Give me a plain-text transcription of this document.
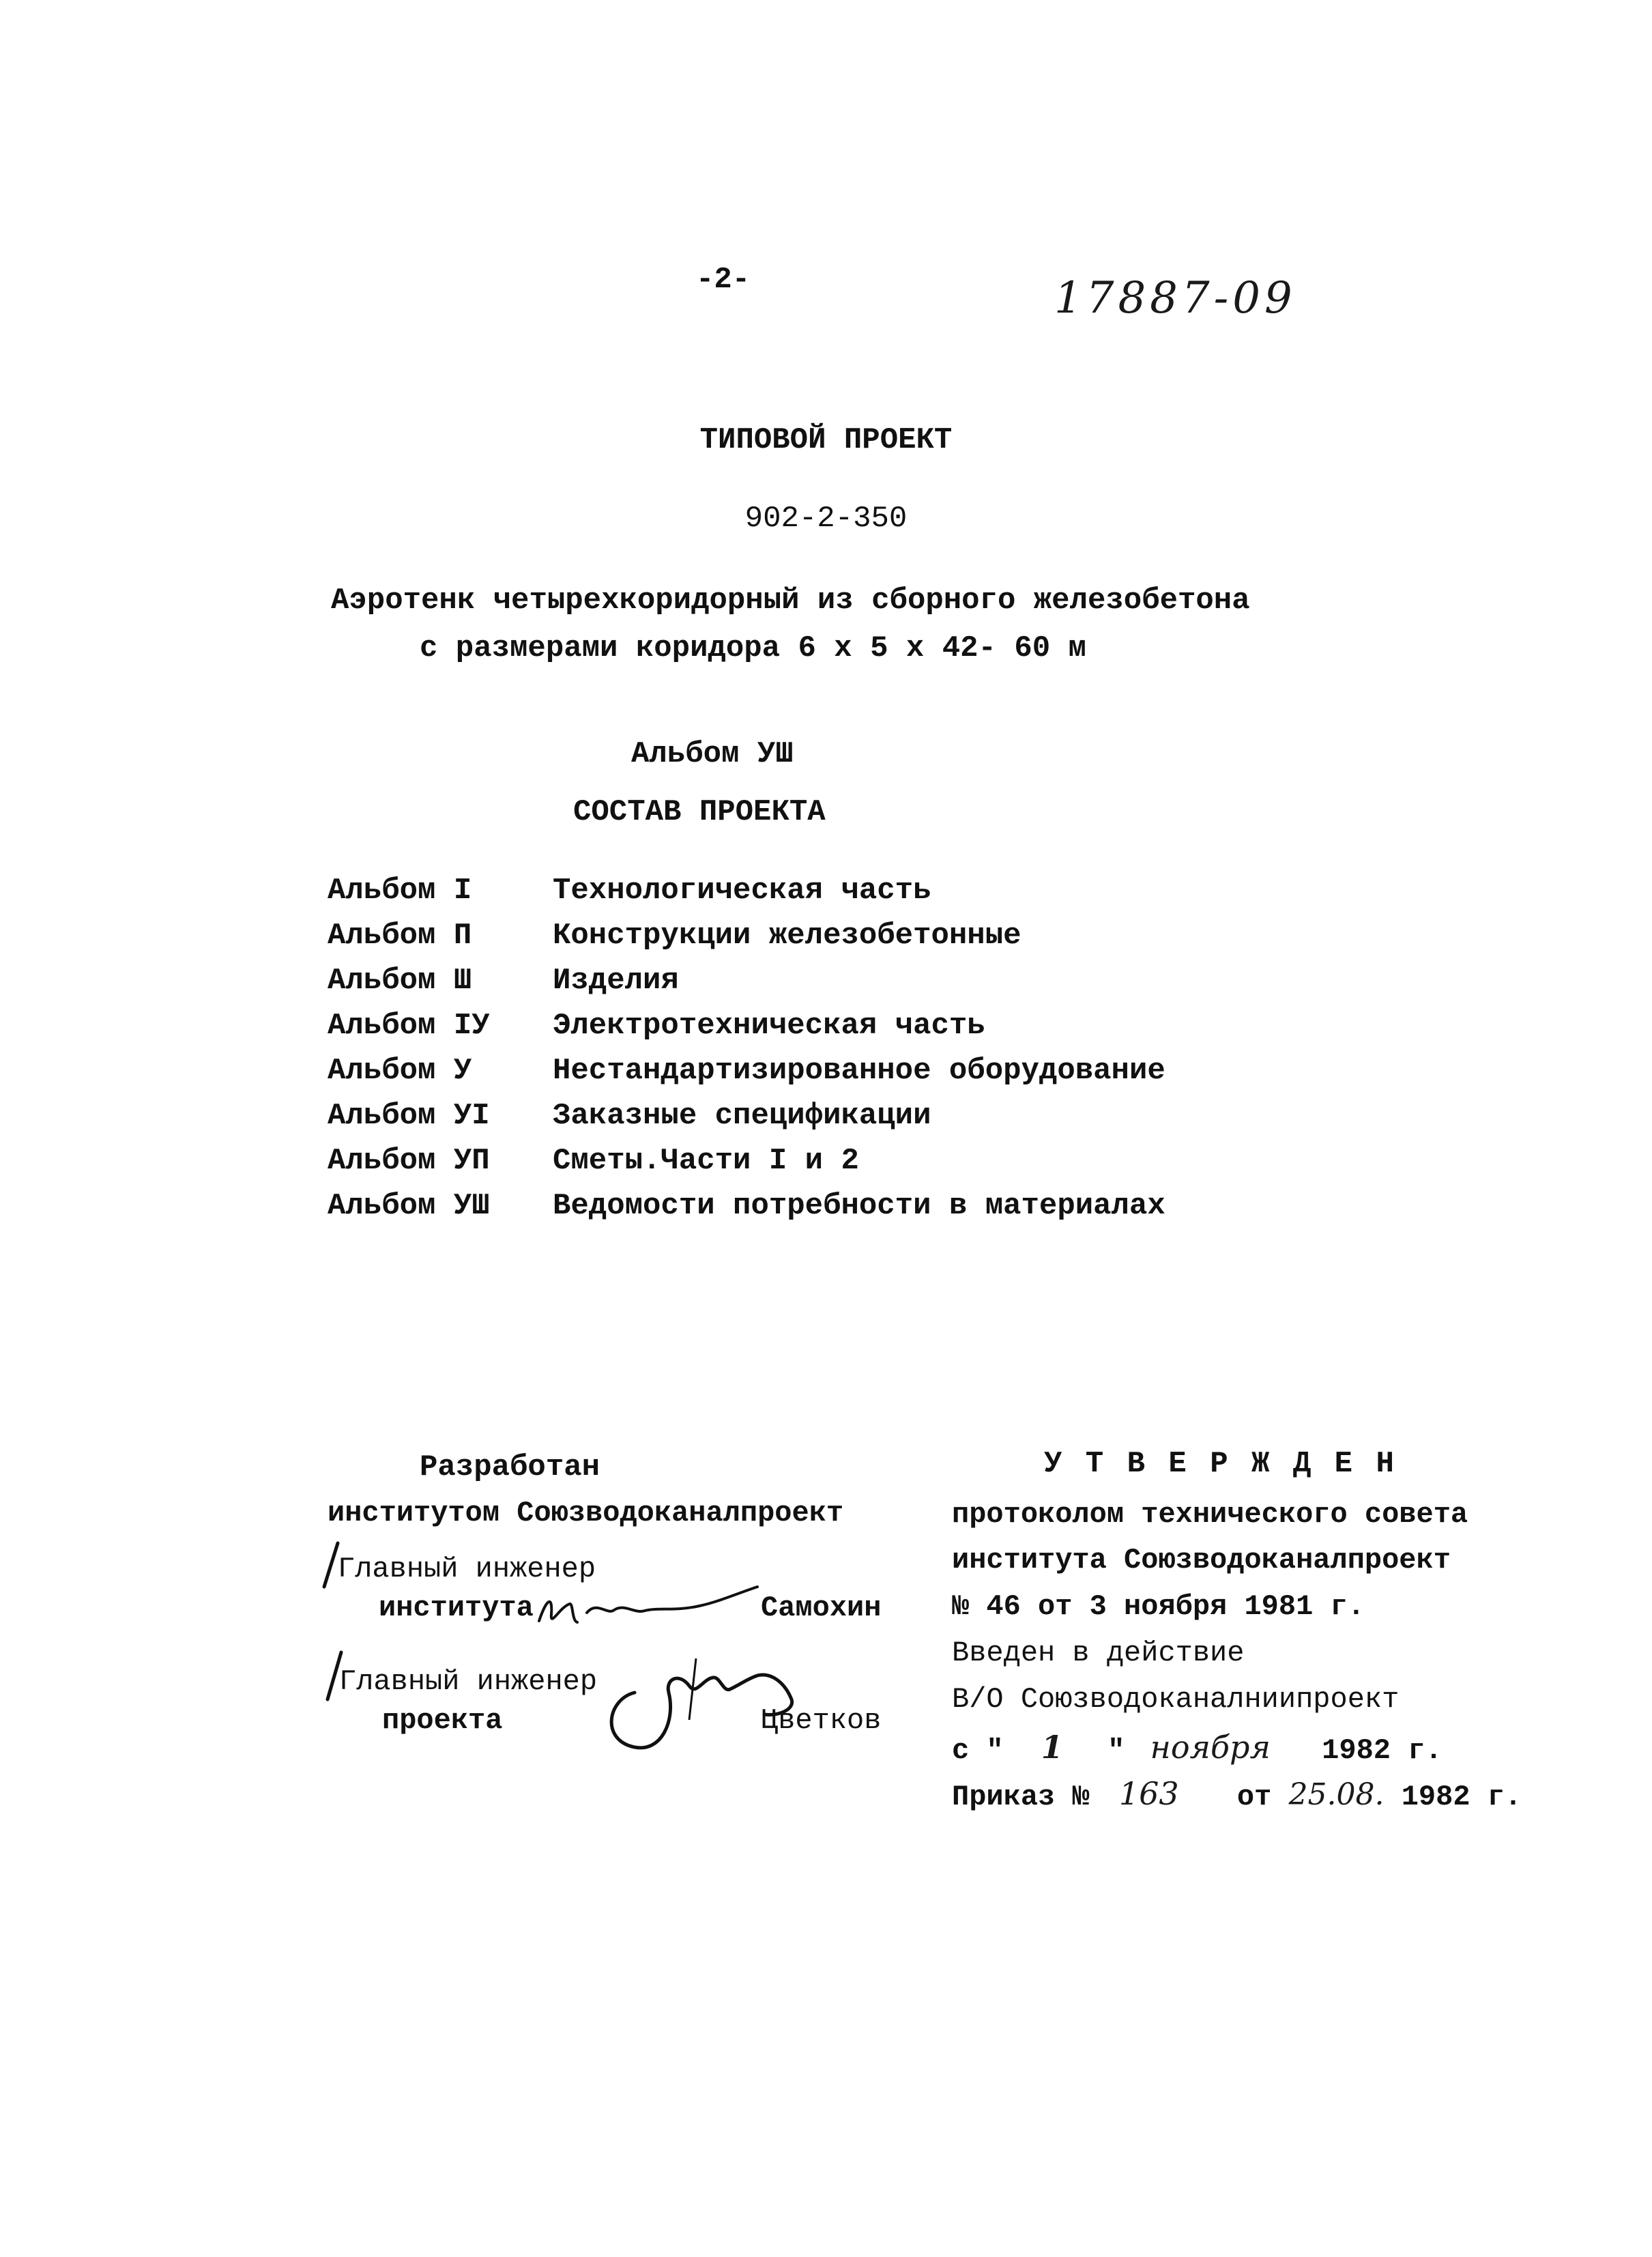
-2-	17887-09
ТИПОВОЙ ПРОЕКТ
902-2-350
Аэротенк четырехкоридорный из сборного железобетона
с размерами коридора 6 х 5 х 42- 60 м
Альбом УШ
СОСТАВ ПРОЕКТА
Альбом I	Технологическая часть
Альбом П	Конструкции железобетонные
Альбом Ш	Изделия
Альбом IУ Электротехническая часть
Альбом У	Нестандартизированное оборудование
Альбом УI Заказные спецификации
Альбом УП Сметы.Части I и 2
Альбом УШ Ведомости потребности в материалах
Разработан
институтом Союзводоканалпроект
Главный инженер
института	Самохин
Главный инженер
проекта	Цветков
У Т В Е Р Ж Д Е Н
протоколом технического совета
института Союзводоканалпроект
№ 46 от 3 ноября 1981 г.
Введен в действие
В/О Союзводоканалниипроект
с " 1 " ноября 1982 г.
Приказ № 163 от 25.08. 1982 г.
